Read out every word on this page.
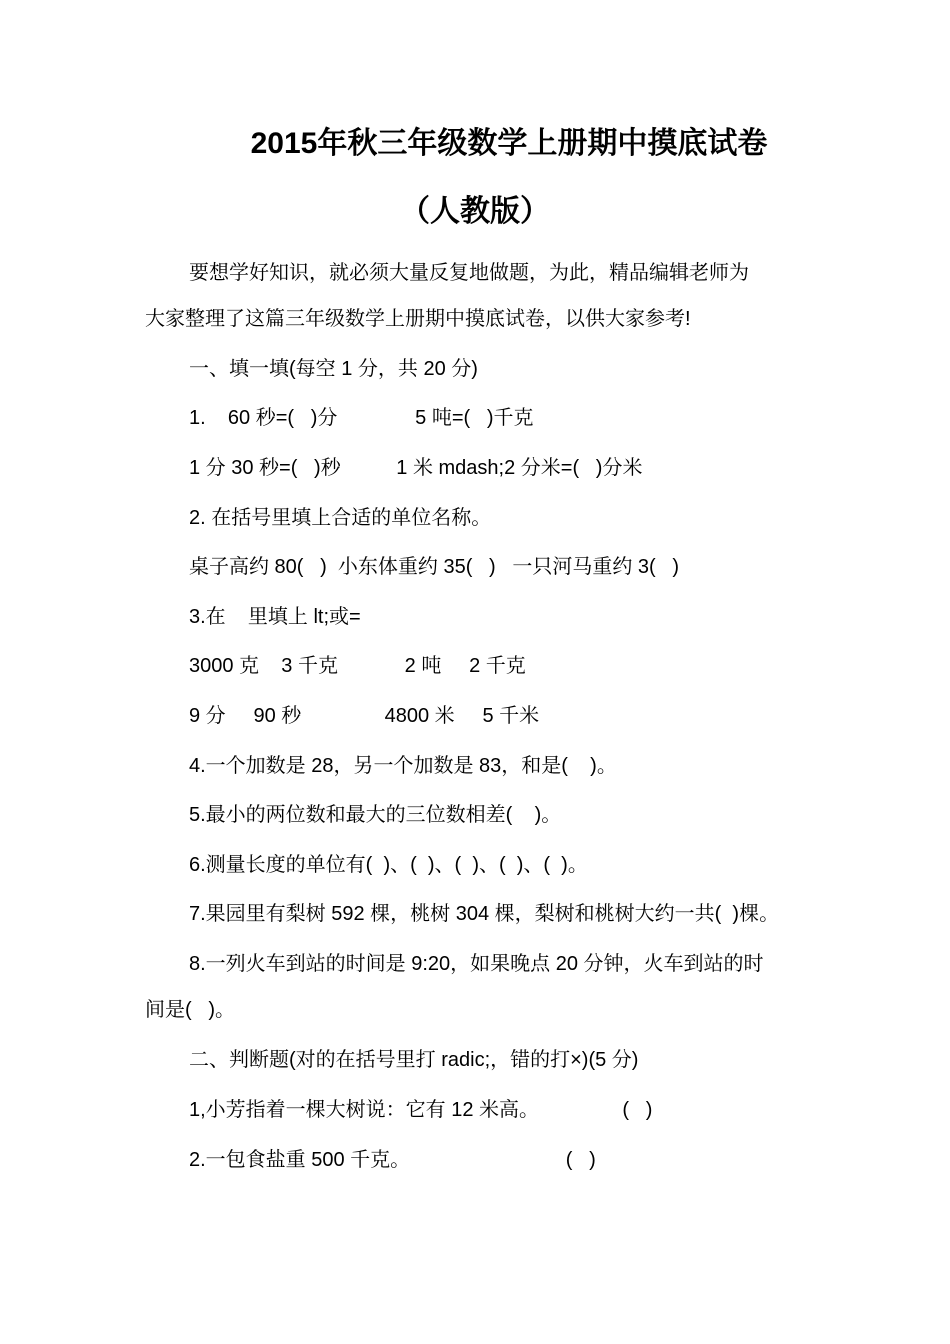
2015年秋三年级数学上册期中摸底试卷
（人教版）
要想学好知识，就必须大量反复地做题，为此，精品编辑老师为
大家整理了这篇三年级数学上册期中摸底试卷，以供大家参考!
一、填一填(每空 1 分，共 20 分)
1.    60 秒=(   )分              5 吨=(   )千克
1 分 30 秒=(   )秒          1 米 mdash;2 分米=(   )分米
2. 在括号里填上合适的单位名称。
桌子高约 80(   )  小东体重约 35(   )   一只河马重约 3(   )
3.在    里填上 lt;或=
3000 克    3 千克            2 吨     2 千克
9 分     90 秒               4800 米     5 千米
4.一个加数是 28，另一个加数是 83，和是(    )。
5.最小的两位数和最大的三位数相差(    )。
6.测量长度的单位有(  )、(  )、(  )、(  )、(  )。
7.果园里有梨树 592 棵，桃树 304 棵，梨树和桃树大约一共(  )棵。
8.一列火车到站的时间是 9:20，如果晚点 20 分钟，火车到站的时
间是(   )。
二、判断题(对的在括号里打 radic;，错的打×)(5 分)
1,小芳指着一棵大树说：它有 12 米高。               (   )
2.一包食盐重 500 千克。                            (   )
